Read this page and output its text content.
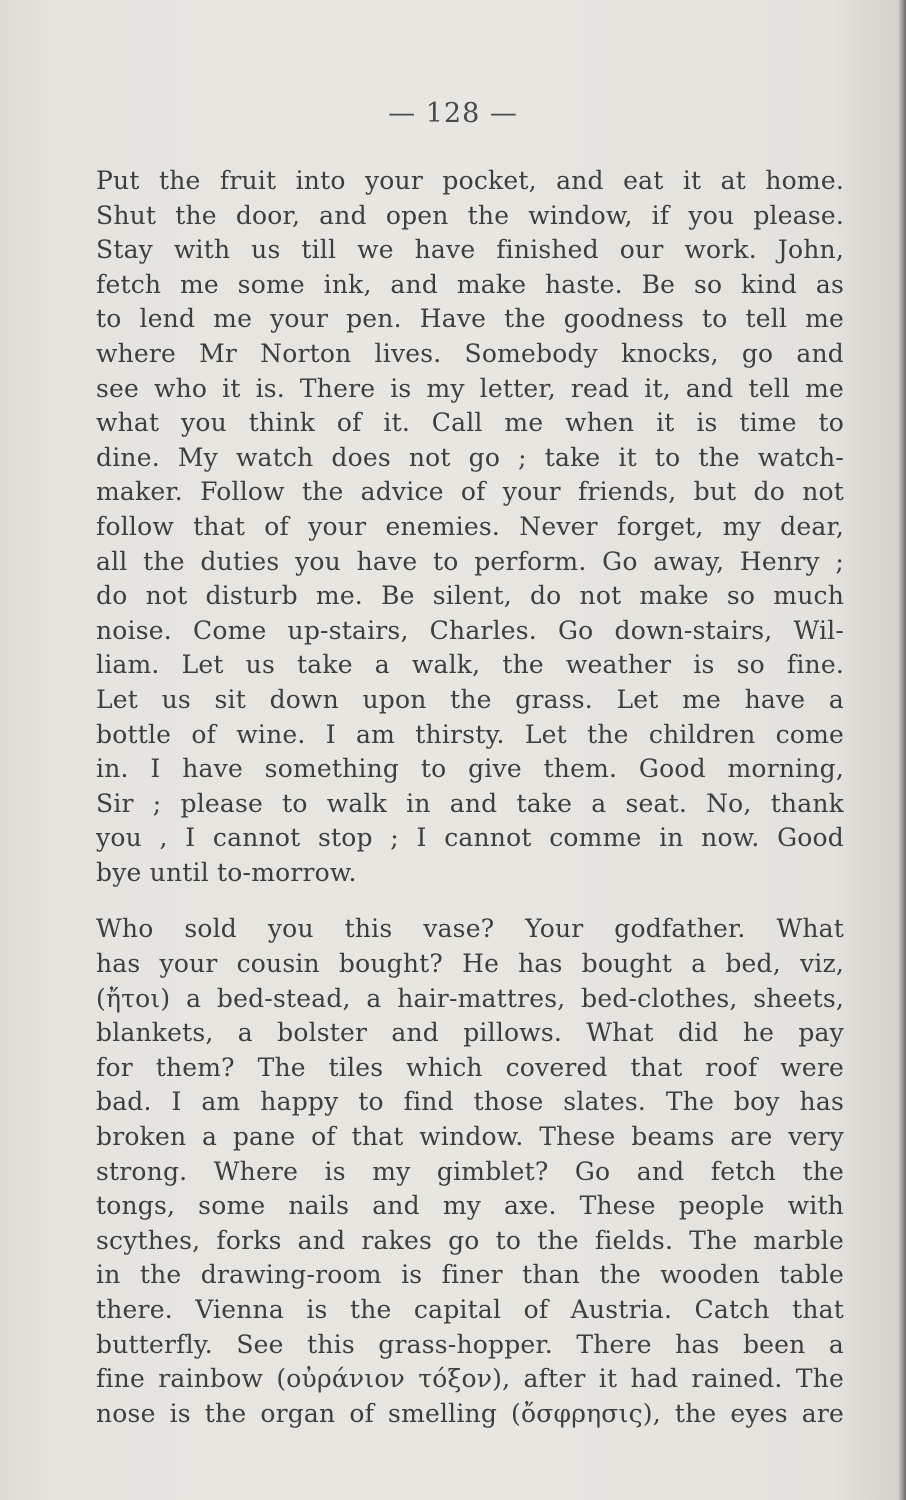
— 128 —
Put the fruit into your pocket, and eat it at home.
Shut the door, and open the window, if you please.
Stay with us till we have finished our work. John,
fetch me some ink, and make haste. Be so kind as
to lend me your pen. Have the goodness to tell me
where Mr Norton lives. Somebody knocks, go and
see who it is. There is my letter, read it, and tell me
what you think of it. Call me when it is time to
dine. My watch does not go ; take it to the watch-
maker. Follow the advice of your friends, but do not
follow that of your enemies. Never forget, my dear,
all the duties you have to perform. Go away, Henry ;
do not disturb me. Be silent, do not make so much
noise. Come up-stairs, Charles. Go down-stairs, Wil-
liam. Let us take a walk, the weather is so fine.
Let us sit down upon the grass. Let me have a
bottle of wine. I am thirsty. Let the children come
in. I have something to give them. Good morning,
Sir ; please to walk in and take a seat. No, thank
you , I cannot stop ; I cannot comme in now. Good
bye until to-morrow.
Who sold you this vase? Your godfather. What
has your cousin bought? He has bought a bed, viz,
(ἤτοι) a bed-stead, a hair-mattres, bed-clothes, sheets,
blankets, a bolster and pillows. What did he pay
for them? The tiles which covered that roof were
bad. I am happy to find those slates. The boy has
broken a pane of that window. These beams are very
strong. Where is my gimblet? Go and fetch the
tongs, some nails and my axe. These people with
scythes, forks and rakes go to the fields. The marble
in the drawing-room is finer than the wooden table
there. Vienna is the capital of Austria. Catch that
butterfly. See this grass-hopper. There has been a
fine rainbow (οὐράνιον τόξον), after it had rained. The
nose is the organ of smelling (ὄσφρησις), the eyes are
